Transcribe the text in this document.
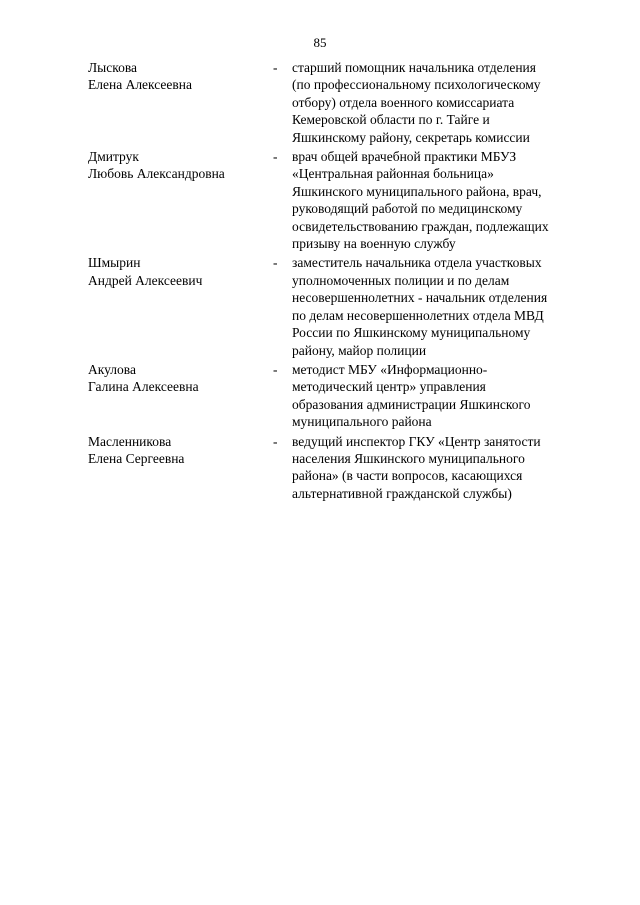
85
Лыскова
Елена Алексеевна
- старший помощник начальника отделения
(по профессиональному психологическому
отбору) отдела военного комиссариата
Кемеровской области по г. Тайге и
Яшкинскому району, секретарь комиссии
Дмитрук
Любовь Александровна
- врач общей врачебной практики МБУЗ
«Центральная районная больница»
Яшкинского муниципального района, врач,
руководящий работой по медицинскому
освидетельствованию граждан, подлежащих
призыву на военную службу
Шмырин
Андрей Алексеевич
- заместитель начальника отдела участковых
уполномоченных полиции и по делам
несовершеннолетних - начальник отделения
по делам несовершеннолетних отдела МВД
России по Яшкинскому муниципальному
району, майор полиции
Акулова
Галина Алексеевна
- методист МБУ «Информационно-
методический центр» управления
образования администрации Яшкинского
муниципального района
Масленникова
Елена Сергеевна
- ведущий инспектор ГКУ «Центр занятости
населения Яшкинского муниципального
района» (в части вопросов, касающихся
альтернативной гражданской службы)
